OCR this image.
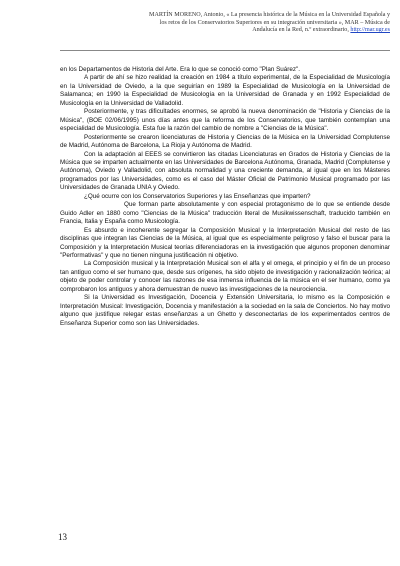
MARTÍN MORENO, Antonio, « La presencia histórica de la Música en la Universidad Española y
los retos de los Conservatorios Superiores en su integración universitaria », MAR – Música de
Andalucía en la Red, n.º extraordinario, http://mar.ugr.es

en los Departamentos de Historia del Arte. Era lo que se conoció como "Plan Suárez".

A partir de ahí se hizo realidad la creación en 1984 a título experimental, de la Especialidad de Musicología en la Universidad de Oviedo, a la que seguirían en 1989 la Especialidad de Musicología en la Universidad de Salamanca; en 1990 la Especialidad de Musicología en la Universidad de Granada y en 1992 Especialidad de Musicología en la Universidad de Valladolid.

Posteriormente, y tras dificultades enormes, se aprobó la nueva denominación de "Historia y Ciencias de la Música", (BOE 02/06/1995) unos días antes que la reforma de los Conservatorios, que también contemplan una especialidad de Musicología. Esta fue la razón del cambio de nombre a "Ciencias de la Música".

Posteriormente se crearon licenciaturas de Historia y Ciencias de la Música en la Universidad Complutense de Madrid, Autónoma de Barcelona, La Rioja y Autónoma de Madrid.

Con la adaptación al EEES se convirtieron las citadas Licenciaturas en Grados de Historia y Ciencias de la Música que se imparten actualmente en las Universidades de Barcelona Autónoma, Granada, Madrid (Complutense y Autónoma), Oviedo y Valladolid, con absoluta normalidad y una creciente demanda, al igual que en los Másteres programados por las Universidades, como es el caso del Máster Oficial de Patrimonio Musical programado por las Universidades de Granada UNIA y Oviedo.

¿Qué ocurre con los Conservatorios Superiores y las Enseñanzas que imparten?

Que forman parte absolutamente y con especial protagonismo de lo que se entiende desde Guido Adler en 1880 como "Ciencias de la Música" traducción literal de Musikwissenschaft, traducido también en Francia, Italia y España como Musicología.

Es absurdo e incoherente segregar la Composición Musical y la Interpretación Musical del resto de las disciplinas que integran las Ciencias de la Música, al igual que es especialmente peligroso y falso el buscar para la Composición y la Interpretación Musical teorías diferenciadoras en la investigación que algunos proponen denominar "Performativas" y que no tienen ninguna justificación ni objetivo.

La Composición musical y la Interpretación Musical son el alfa y el omega, el principio y el fin de un proceso tan antiguo como el ser humano que, desde sus orígenes, ha sido objeto de investigación y racionalización teórica; al objeto de poder controlar y conocer las razones de esa inmensa influencia de la música en el ser humano, como ya comprobaron los antiguos y ahora demuestran de nuevo las investigaciones de la neurociencia.

Si la Universidad es Investigación, Docencia y Extensión Universitaria, lo mismo es la Composición e Interpretación Musical: Investigación, Docencia y manifestación a la sociedad en la sala de Conciertos. No hay motivo alguno que justifique relegar estas enseñanzas a un Ghetto y desconectarlas de los experimentados centros de Enseñanza Superior como son las Universidades.

13
